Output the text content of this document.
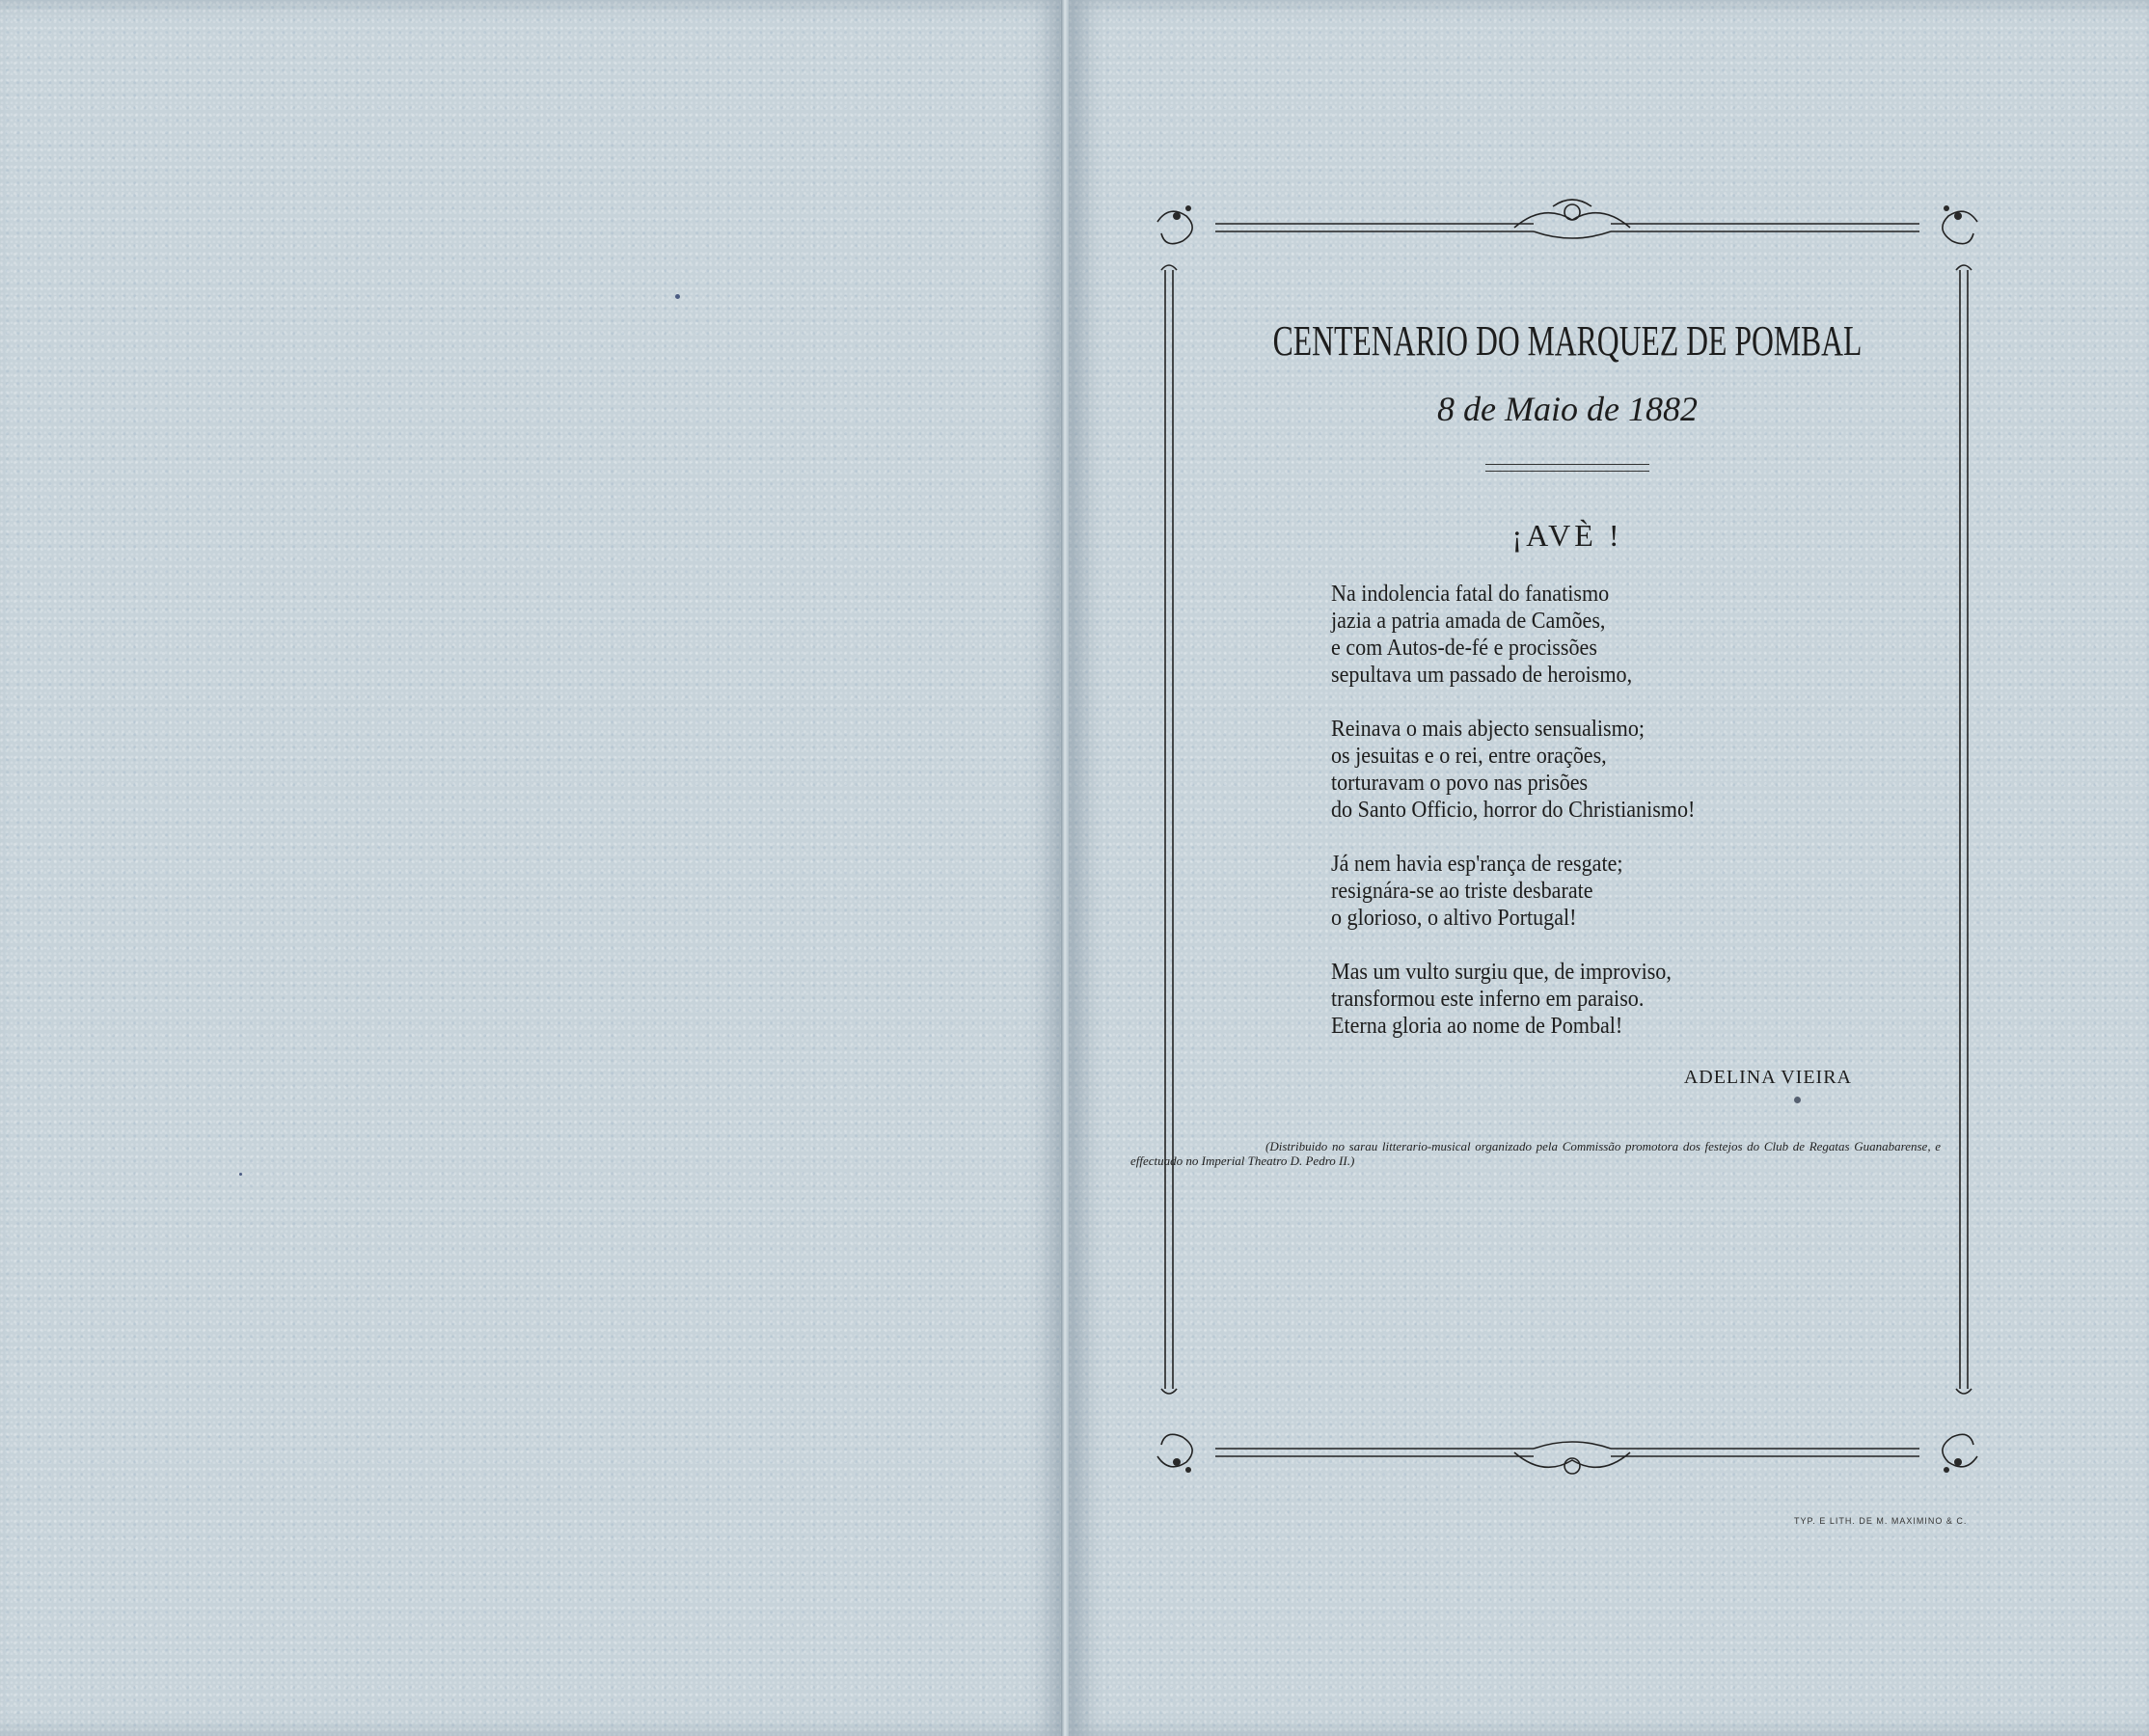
CENTENARIO DO MARQUEZ DE POMBAL
8 de Maio de 1882
¡AVÈ !
Na indolencia fatal do fanatismo
jazia a patria amada de Camões,
e com Autos-de-fé e procissões
sepultava um passado de heroismo,
Reinava o mais abjecto sensualismo;
os jesuitas e o rei, entre orações,
torturavam o povo nas prisões
do Santo Officio, horror do Christianismo!
Já nem havia esp'rança de resgate;
resignára-se ao triste desbarate
o glorioso, o altivo Portugal!
Mas um vulto surgiu que, de improviso,
transformou este inferno em paraiso.
Eterna gloria ao nome de Pombal!
ADELINA VIEIRA
(Distribuido no sarau litterario-musical organizado pela Commissão promotora dos festejos do Club de Regatas Guanabarense, e effectuado no Imperial Theatro D. Pedro II.)
TYP. E LITH. DE M. MAXIMINO & C.
